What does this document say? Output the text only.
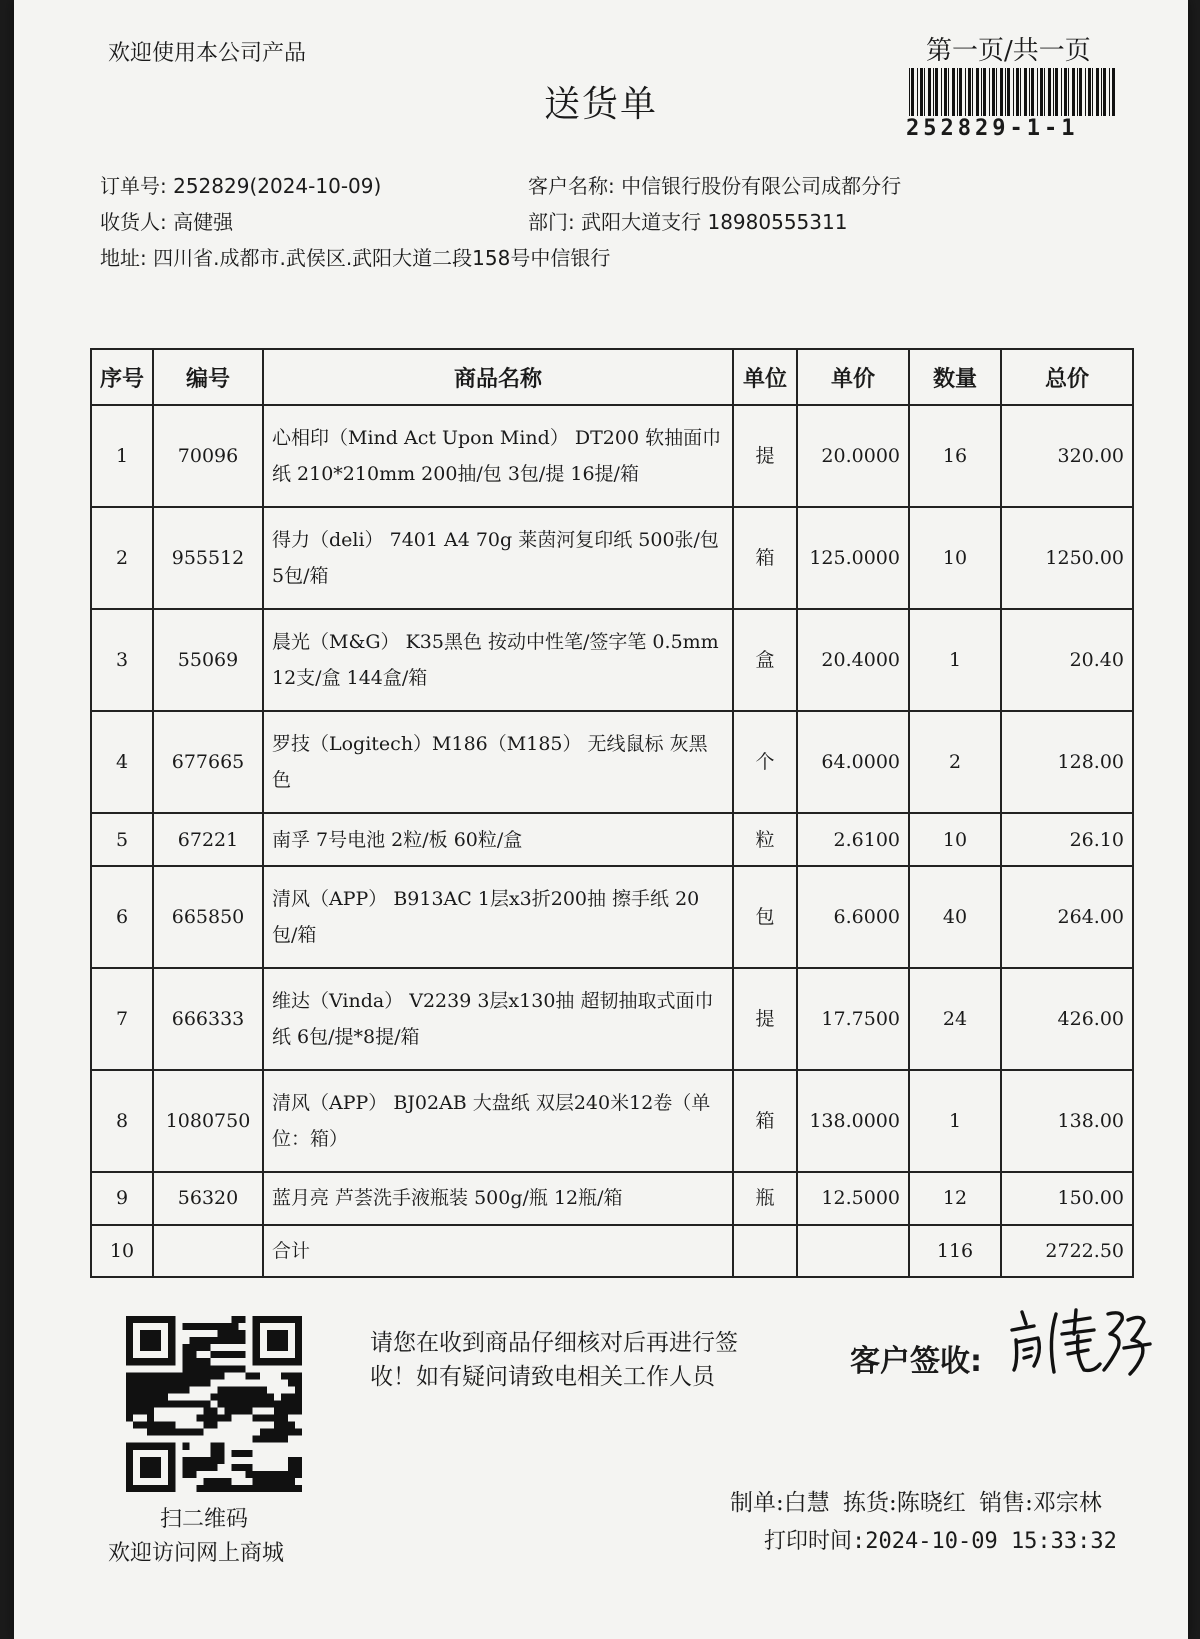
欢迎使用本公司产品	第一页/共一页
送货单
252829-1-1
订单号: 252829(2024-10-09)	客户名称: 中信银行股份有限公司成都分行
收货人: 高健强	部门: 武阳大道支行 18980555311
地址: 四川省.成都市.武侯区.武阳大道二段158号中信银行
序号	编号	商品名称	单位	单价	数量	总价
1	70096	心相印（Mind Act Upon Mind） DT200 软抽面巾纸 210*210mm 200抽/包 3包/提 16提/箱	提	20.0000	16	320.00
2	955512	得力（deli） 7401 A4 70g 莱茵河复印纸 500张/包 5包/箱	箱	125.0000	10	1250.00
3	55069	晨光（M&G） K35黑色 按动中性笔/签字笔 0.5mm 12支/盒 144盒/箱	盒	20.4000	1	20.40
4	677665	罗技（Logitech）M186（M185） 无线鼠标 灰黑色	个	64.0000	2	128.00
5	67221	南孚 7号电池 2粒/板 60粒/盒	粒	2.6100	10	26.10
6	665850	清风（APP） B913AC 1层x3折200抽 擦手纸 20包/箱	包	6.6000	40	264.00
7	666333	维达（Vinda） V2239 3层x130抽 超韧抽取式面巾纸 6包/提*8提/箱	提	17.7500	24	426.00
8	1080750	清风（APP） BJ02AB 大盘纸 双层240米12卷（单位：箱）	箱	138.0000	1	138.00
9	56320	蓝月亮 芦荟洗手液瓶装 500g/瓶 12瓶/箱	瓶	12.5000	12	150.00
10		合计			116	2722.50
扫二维码
欢迎访问网上商城
请您在收到商品仔细核对后再进行签收！如有疑问请致电相关工作人员	客户签收:
制单:白慧 拣货:陈晓红 销售:邓宗林
打印时间:2024-10-09 15:33:32
